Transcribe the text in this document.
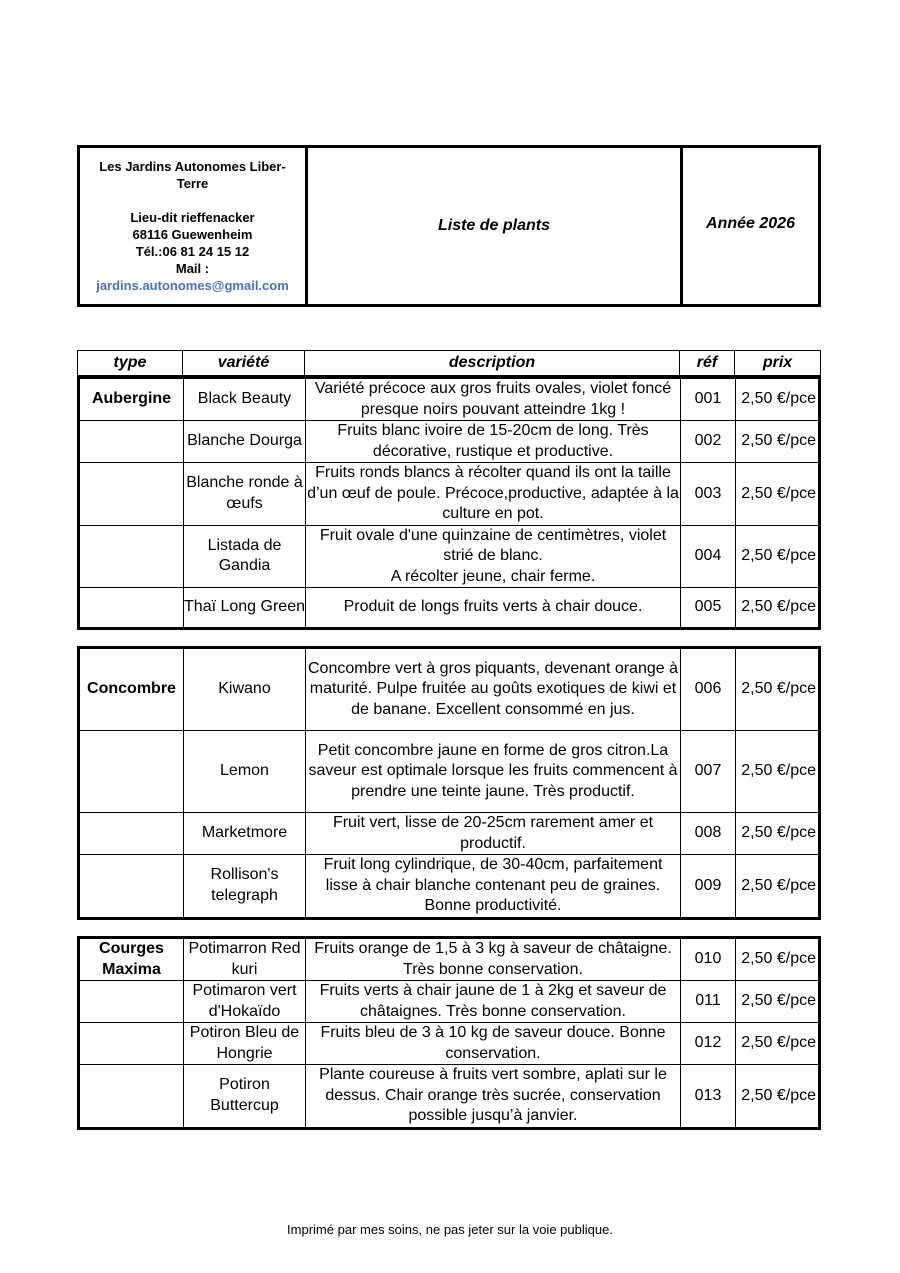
Les Jardins Autonomes Liber-
Terre
Lieu-dit rieffenacker
68116 Guewenheim
Tél.:06 81 24 15 12
Mail :
jardins.autonomes@gmail.com
	Liste de plants	Année 2026
type	variété	description	réf	prix
Aubergine	Black Beauty	Variété précoce aux gros fruits ovales, violet foncé presque noirs pouvant atteindre 1kg !	001	2,50 €/pce
	Blanche Dourga	Fruits blanc ivoire de 15-20cm de long. Très décorative, rustique et productive.	002	2,50 €/pce
	Blanche ronde à œufs	Fruits ronds blancs à récolter quand ils ont la taille d’un œuf de poule. Précoce,productive, adaptée à la culture en pot.	003	2,50 €/pce
	Listada de Gandia	Fruit ovale d'une quinzaine de centimètres, violet strié de blanc.
A récolter jeune, chair ferme.	004	2,50 €/pce
	Thaï Long Green	Produit de longs fruits verts à chair douce.	005	2,50 €/pce
Concombre	Kiwano	Concombre vert à gros piquants, devenant orange à maturité. Pulpe fruitée au goûts exotiques de kiwi et de banane. Excellent consommé en jus.	006	2,50 €/pce
	Lemon	Petit concombre jaune en forme de gros citron.La saveur est optimale lorsque les fruits commencent à prendre une teinte jaune. Très productif.	007	2,50 €/pce
	Marketmore	Fruit vert, lisse de 20-25cm rarement amer et productif.	008	2,50 €/pce
	Rollison's telegraph	Fruit long cylindrique, de 30-40cm, parfaitement lisse à chair blanche contenant peu de graines. Bonne productivité.	009	2,50 €/pce
Courges Maxima	Potimarron Red kuri	Fruits orange de 1,5 à 3 kg à saveur de châtaigne. Très bonne conservation.	010	2,50 €/pce
	Potimaron vert d'Hokaïdo	Fruits verts à chair jaune de 1 à 2kg et saveur de châtaignes. Très bonne conservation.	011	2,50 €/pce
	Potiron Bleu de Hongrie	Fruits bleu de 3 à 10 kg de saveur douce. Bonne conservation.	012	2,50 €/pce
	Potiron Buttercup	Plante coureuse à fruits vert sombre, aplati sur le dessus. Chair orange très sucrée, conservation possible jusqu’à janvier.	013	2,50 €/pce
Imprimé par mes soins, ne pas jeter sur la voie publique.
